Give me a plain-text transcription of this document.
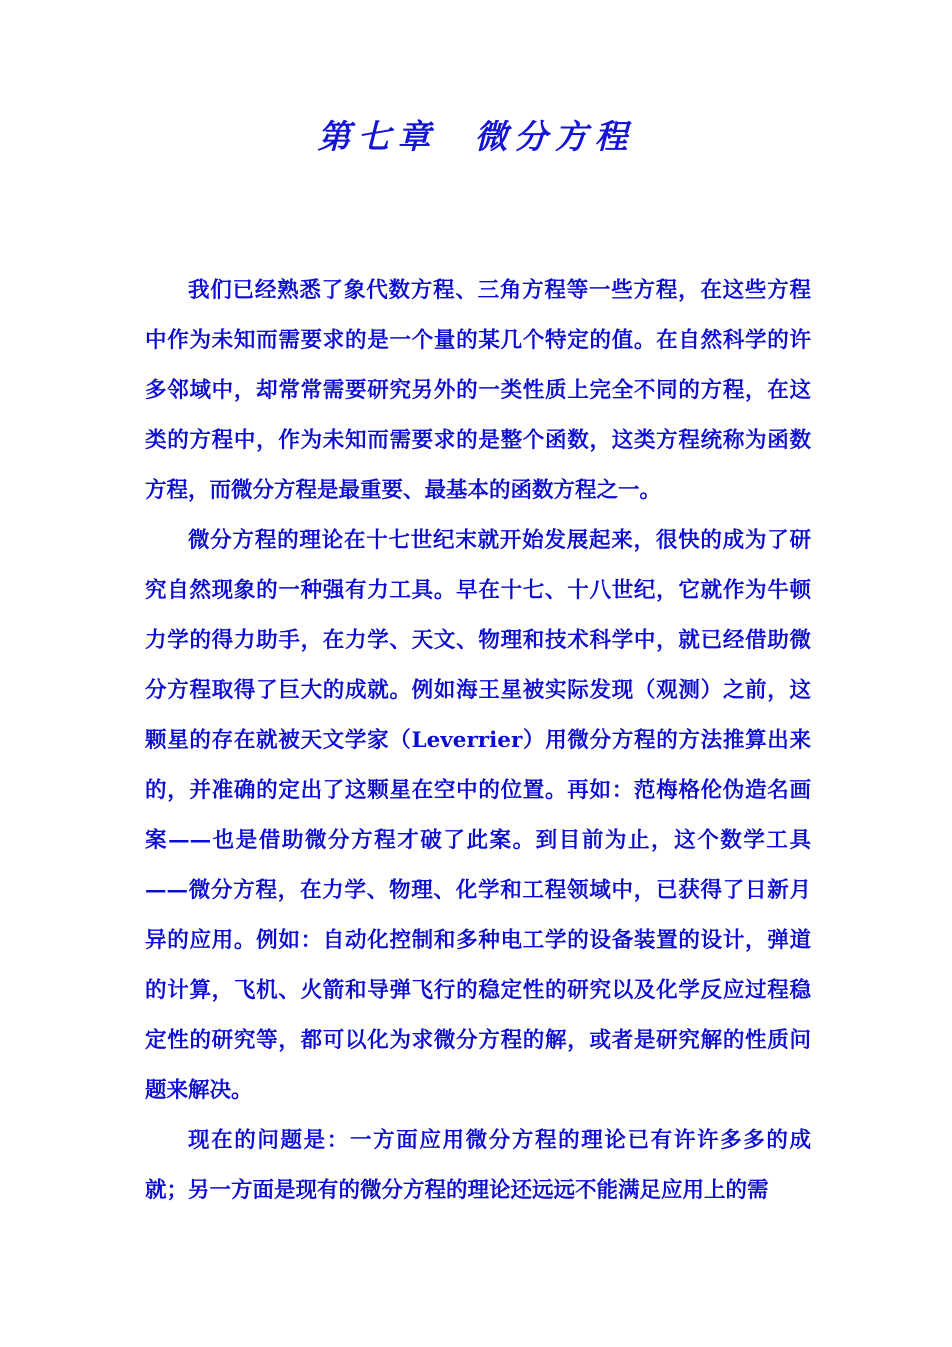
第七章  微分方程

我们已经熟悉了象代数方程、三角方程等一些方程，在这些方程中作为未知而需要求的是一个量的某几个特定的值。在自然科学的许多邻域中，却常常需要研究另外的一类性质上完全不同的方程，在这类的方程中，作为未知而需要求的是整个函数，这类方程统称为函数方程，而微分方程是最重要、最基本的函数方程之一。

微分方程的理论在十七世纪末就开始发展起来，很快的成为了研究自然现象的一种强有力工具。早在十七、十八世纪，它就作为牛顿力学的得力助手，在力学、天文、物理和技术科学中，就已经借助微分方程取得了巨大的成就。例如海王星被实际发现（观测）之前，这颗星的存在就被天文学家（Leverrier）用微分方程的方法推算出来的，并准确的定出了这颗星在空中的位置。再如：范梅格伦伪造名画案——也是借助微分方程才破了此案。到目前为止，这个数学工具——微分方程，在力学、物理、化学和工程领域中，已获得了日新月异的应用。例如：自动化控制和多种电工学的设备装置的设计，弹道的计算，飞机、火箭和导弹飞行的稳定性的研究以及化学反应过程稳定性的研究等，都可以化为求微分方程的解，或者是研究解的性质问题来解决。

现在的问题是：一方面应用微分方程的理论已有许许多多的成就；另一方面是现有的微分方程的理论还远远不能满足应用上的需
